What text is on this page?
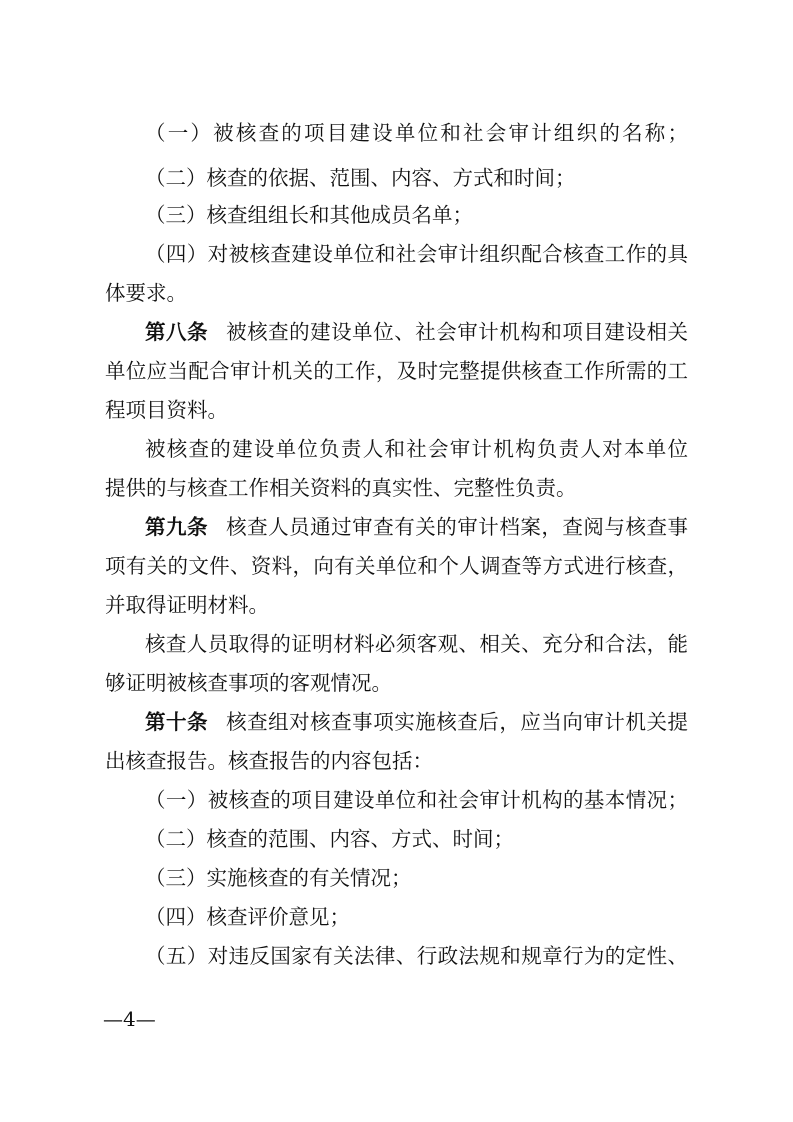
（一）被核查的项目建设单位和社会审计组织的名称；
（二）核查的依据、范围、内容、方式和时间；
（三）核查组组长和其他成员名单；
（四）对被核查建设单位和社会审计组织配合核查工作的具
体要求。
第八条 被核查的建设单位、社会审计机构和项目建设相关
单位应当配合审计机关的工作，及时完整提供核查工作所需的工
程项目资料。
被核查的建设单位负责人和社会审计机构负责人对本单位
提供的与核查工作相关资料的真实性、完整性负责。
第九条 核查人员通过审查有关的审计档案，查阅与核查事
项有关的文件、资料，向有关单位和个人调查等方式进行核查，
并取得证明材料。
核查人员取得的证明材料必须客观、相关、充分和合法，能
够证明被核查事项的客观情况。
第十条 核查组对核查事项实施核查后，应当向审计机关提
出核查报告。核查报告的内容包括：
（一）被核查的项目建设单位和社会审计机构的基本情况；
（二）核查的范围、内容、方式、时间；
（三）实施核查的有关情况；
（四）核查评价意见；
（五）对违反国家有关法律、行政法规和规章行为的定性、
—4—
